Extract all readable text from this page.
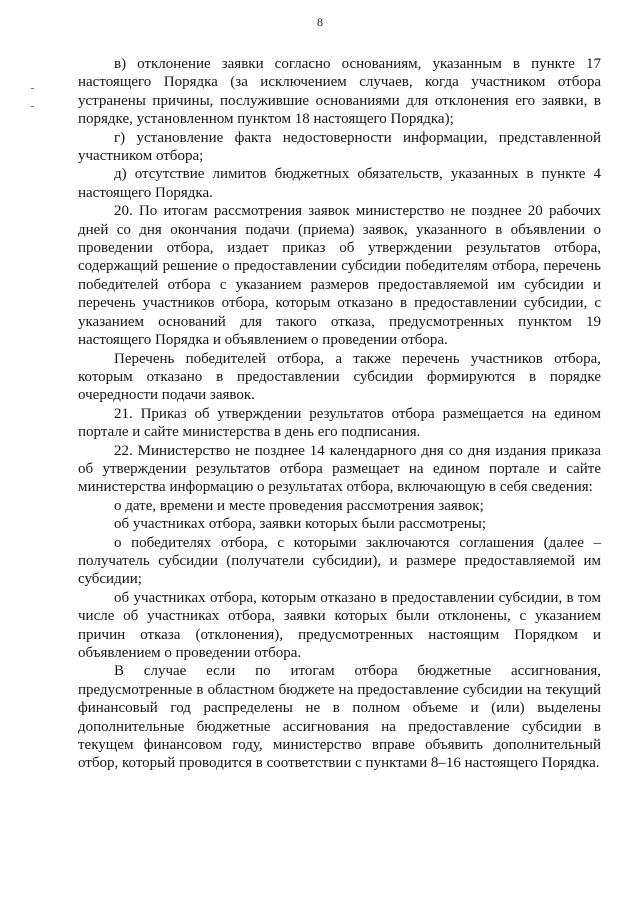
8

в) отклонение заявки согласно основаниям, указанным в пункте 17 настоящего Порядка (за исключением случаев, когда участником отбора устранены причины, послужившие основаниями для отклонения его заявки, в порядке, установленном пунктом 18 настоящего Порядка);

г) установление факта недостоверности информации, представленной участником отбора;

д) отсутствие лимитов бюджетных обязательств, указанных в пункте 4 настоящего Порядка.

20. По итогам рассмотрения заявок министерство не позднее 20 рабочих дней со дня окончания подачи (приема) заявок, указанного в объявлении о проведении отбора, издает приказ об утверждении результатов отбора, содержащий решение о предоставлении субсидии победителям отбора, перечень победителей отбора с указанием размеров предоставляемой им субсидии и перечень участников отбора, которым отказано в предоставлении субсидии, с указанием оснований для такого отказа, предусмотренных пунктом 19 настоящего Порядка и объявлением о проведении отбора.

Перечень победителей отбора, а также перечень участников отбора, которым отказано в предоставлении субсидии формируются в порядке очередности подачи заявок.

21. Приказ об утверждении результатов отбора размещается на едином портале и сайте министерства в день его подписания.

22. Министерство не позднее 14 календарного дня со дня издания приказа об утверждении результатов отбора размещает на едином портале и сайте министерства информацию о результатах отбора, включающую в себя сведения:

о дате, времени и месте проведения рассмотрения заявок;

об участниках отбора, заявки которых были рассмотрены;

о победителях отбора, с которыми заключаются соглашения (далее – получатель субсидии (получатели субсидии), и размере предоставляемой им субсидии;

об участниках отбора, которым отказано в предоставлении субсидии, в том числе об участниках отбора, заявки которых были отклонены, с указанием причин отказа (отклонения), предусмотренных настоящим Порядком и объявлением о проведении отбора.

В случае если по итогам отбора бюджетные ассигнования, предусмотренные в областном бюджете на предоставление субсидии на текущий финансовый год распределены не в полном объеме и (или) выделены дополнительные бюджетные ассигнования на предоставление субсидии в текущем финансовом году, министерство вправе объявить дополнительный отбор, который проводится в соответствии с пунктами 8–16 настоящего Порядка.
